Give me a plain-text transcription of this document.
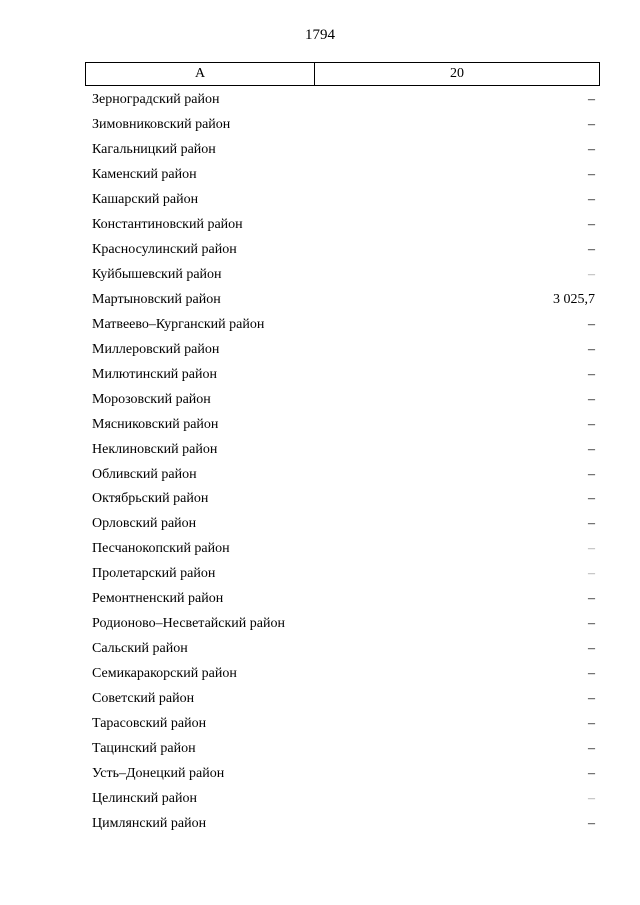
1794
А	20
Зерноградский район	–
Зимовниковский район	–
Кагальницкий район	–
Каменский район	–
Кашарский район	–
Константиновский район	–
Красносулинский район	–
Куйбышевский район	–
Мартыновский район	3 025,7
Матвеево–Курганский район	–
Миллеровский район	–
Милютинский район	–
Морозовский район	–
Мясниковский район	–
Неклиновский район	–
Обливский район	–
Октябрьский район	–
Орловский район	–
Песчанокопский район	–
Пролетарский район	–
Ремонтненский район	–
Родионово–Несветайский район	–
Сальский район	–
Семикаракорский район	–
Советский район	–
Тарасовский район	–
Тацинский район	–
Усть–Донецкий район	–
Целинский район	–
Цимлянский район	–
